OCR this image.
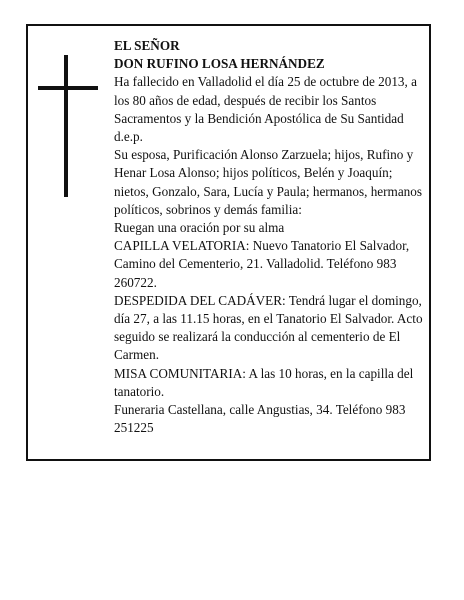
EL SEÑOR

DON RUFINO LOSA HERNÁNDEZ

Ha fallecido en Valladolid el día 25 de octubre de 2013, a los 80 años de edad, después de recibir los Santos Sacramentos y la Bendición Apostólica de Su Santidad d.e.p.

Su esposa, Purificación Alonso Zarzuela; hijos, Rufino y Henar Losa Alonso; hijos políticos, Belén y Joaquín; nietos, Gonzalo, Sara, Lucía y Paula; hermanos, hermanos políticos, sobrinos y demás familia:

Ruegan una oración por su alma

CAPILLA VELATORIA: Nuevo Tanatorio El Salvador, Camino del Cementerio, 21. Valladolid. Teléfono 983 260722.

DESPEDIDA DEL CADÁVER: Tendrá lugar el domingo, día 27, a las 11.15 horas, en el Tanatorio El Salvador. Acto seguido se realizará la conducción al cementerio de El Carmen.

MISA COMUNITARIA: A las 10 horas, en la capilla del tanatorio.

Funeraria Castellana, calle Angustias, 34. Teléfono 983 251225
